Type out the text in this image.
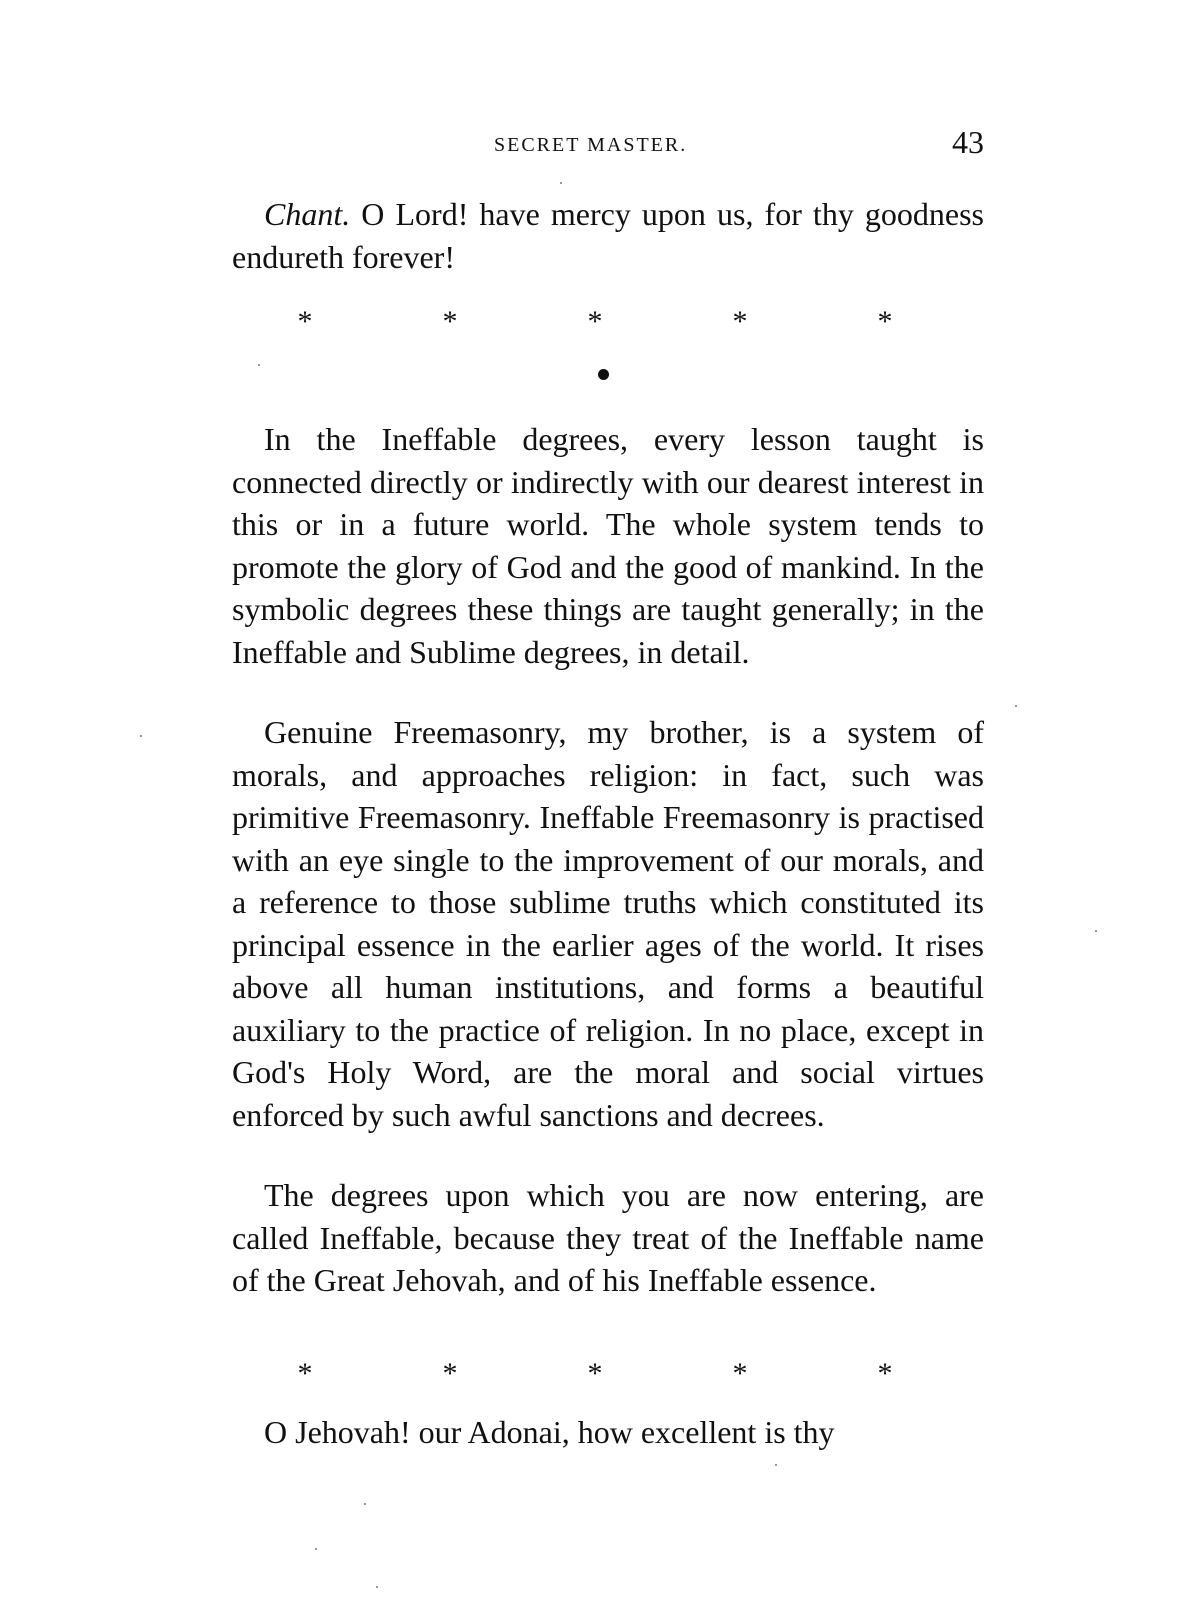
SECRET MASTER.	43

Chant. O Lord! have mercy upon us, for thy goodness endureth forever!

*	*	*	*	*

In the Ineffable degrees, every lesson taught is connected directly or indirectly with our dearest interest in this or in a future world. The whole system tends to promote the glory of God and the good of mankind. In the symbolic degrees these things are taught generally; in the Ineffable and Sublime degrees, in detail.

Genuine Freemasonry, my brother, is a system of morals, and approaches religion: in fact, such was primitive Freemasonry. Ineffable Freemasonry is practised with an eye single to the improvement of our morals, and a reference to those sublime truths which constituted its principal essence in the earlier ages of the world. It rises above all human institutions, and forms a beautiful auxiliary to the practice of religion. In no place, except in God's Holy Word, are the moral and social virtues enforced by such awful sanctions and decrees.

The degrees upon which you are now entering, are called Ineffable, because they treat of the Ineffable name of the Great Jehovah, and of his Ineffable essence.

*	*	*	*	*

O Jehovah! our Adonai, how excellent is thy
